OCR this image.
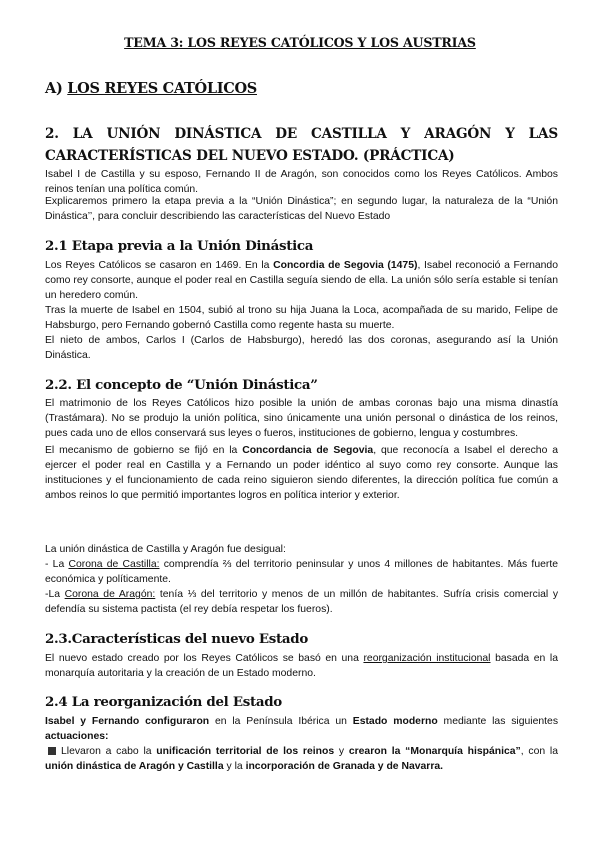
TEMA 3: LOS REYES CATÓLICOS Y LOS AUSTRIAS
A) LOS REYES CATÓLICOS
2. LA UNIÓN DINÁSTICA DE CASTILLA Y ARAGÓN Y LAS CARACTERÍSTICAS DEL NUEVO ESTADO. (PRÁCTICA)

Isabel I de Castilla y su esposo, Fernando II de Aragón, son conocidos como los Reyes Católicos. Ambos reinos tenían una política común.

Explicaremos primero la etapa previa a la “Unión Dinástica”; en segundo lugar, la naturaleza de la “Unión Dinástica’’, para concluir describiendo las características del Nuevo Estado

2.1 Etapa previa a la Unión Dinástica

Los Reyes Católicos se casaron en 1469. En la Concordia de Segovia (1475), Isabel reconoció a Fernando como rey consorte, aunque el poder real en Castilla seguía siendo de ella. La unión sólo sería estable si tenían un heredero común.

Tras la muerte de Isabel en 1504, subió al trono su hija Juana la Loca, acompañada de su marido, Felipe de Habsburgo, pero Fernando gobernó Castilla como regente hasta su muerte.

El nieto de ambos, Carlos I (Carlos de Habsburgo), heredó las dos coronas, asegurando así la Unión Dinástica.

2.2. El concepto de “Unión Dinástica”

El matrimonio de los Reyes Católicos hizo posible la unión de ambas coronas bajo una misma dinastía (Trastámara). No se produjo la unión política, sino únicamente una unión personal o dinástica de los reinos, pues cada uno de ellos conservará sus leyes o fueros, instituciones de gobierno, lengua y costumbres.

El mecanismo de gobierno se fijó en la Concordancia de Segovia, que reconocía a Isabel el derecho a ejercer el poder real en Castilla y a Fernando un poder idéntico al suyo como rey consorte. Aunque las instituciones y el funcionamiento de cada reino siguieron siendo diferentes, la dirección política fue común a ambos reinos lo que permitió importantes logros en política interior y exterior.

La unión dinástica de Castilla y Aragón fue desigual:

- La Corona de Castilla: comprendía ⅔ del territorio peninsular y unos 4 millones de habitantes. Más fuerte económica y políticamente.

-La Corona de Aragón: tenía ⅓ del territorio y menos de un millón de habitantes. Sufría crisis comercial y defendía su sistema pactista (el rey debía respetar los fueros).

2.3.Características del nuevo Estado

El nuevo estado creado por los Reyes Católicos se basó en una reorganización institucional basada en la monarquía autoritaria y la creación de un Estado moderno.

2.4 La reorganización del Estado

Isabel y Fernando configuraron en la Península Ibérica un Estado moderno mediante las siguientes actuaciones:

Llevaron a cabo la unificación territorial de los reinos y crearon la “Monarquía hispánica”, con la unión dinástica de Aragón y Castilla y la incorporación de Granada y de Navarra.
